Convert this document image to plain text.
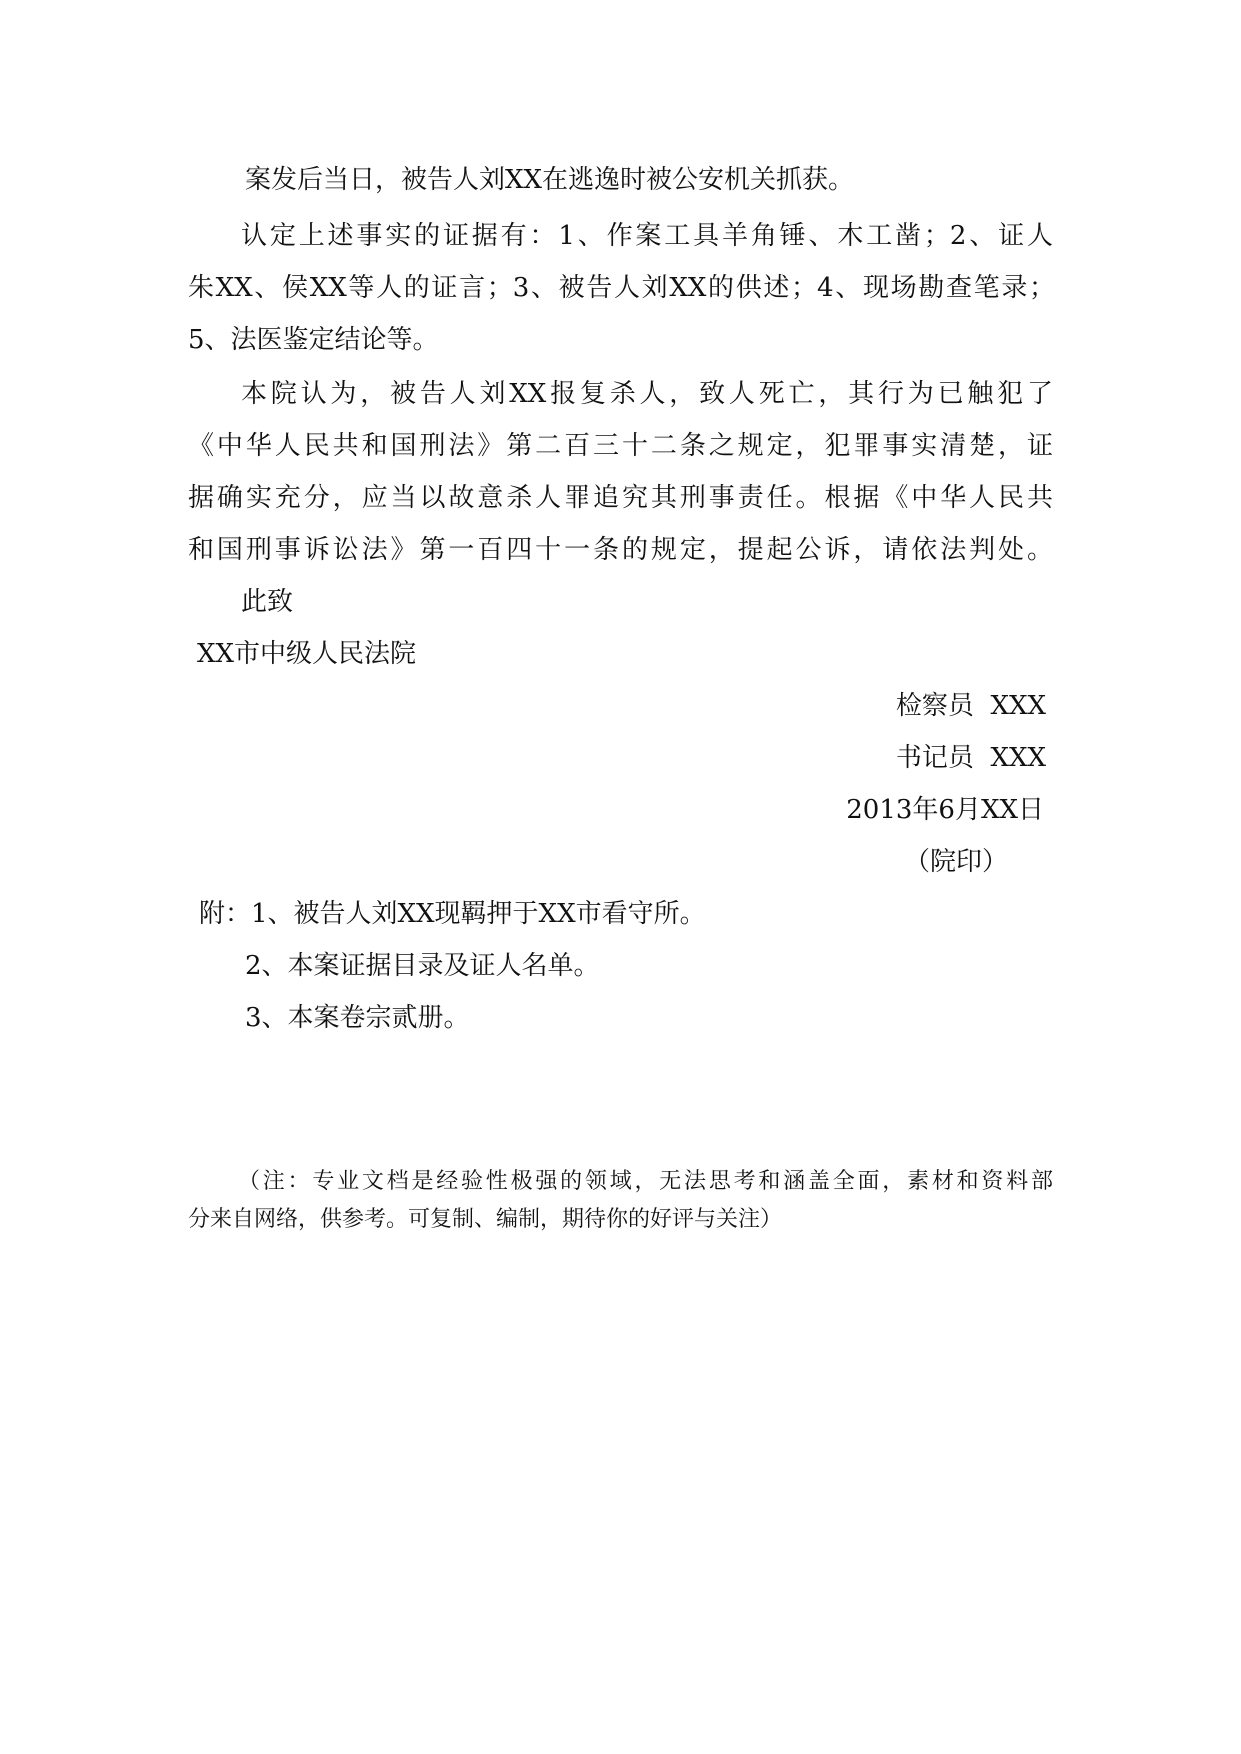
案发后当日，被告人刘XX在逃逸时被公安机关抓获。
认定上述事实的证据有：1、作案工具羊角锤、木工凿；2、证人
朱XX、侯XX等人的证言；3、被告人刘XX的供述；4、现场勘查笔录；
5、法医鉴定结论等。
本院认为，被告人刘XX报复杀人，致人死亡，其行为已触犯了
《中华人民共和国刑法》第二百三十二条之规定，犯罪事实清楚，证
据确实充分，应当以故意杀人罪追究其刑事责任。根据《中华人民共
和国刑事诉讼法》第一百四十一条的规定，提起公诉，请依法判处。
此致
XX市中级人民法院
检察员 XXX
书记员 XXX
2013年6月XX日
（院印）
附：1、被告人刘XX现羁押于XX市看守所。
2、本案证据目录及证人名单。
3、本案卷宗贰册。
（注：专业文档是经验性极强的领域，无法思考和涵盖全面，素材和资料部
分来自网络，供参考。可复制、编制，期待你的好评与关注）
